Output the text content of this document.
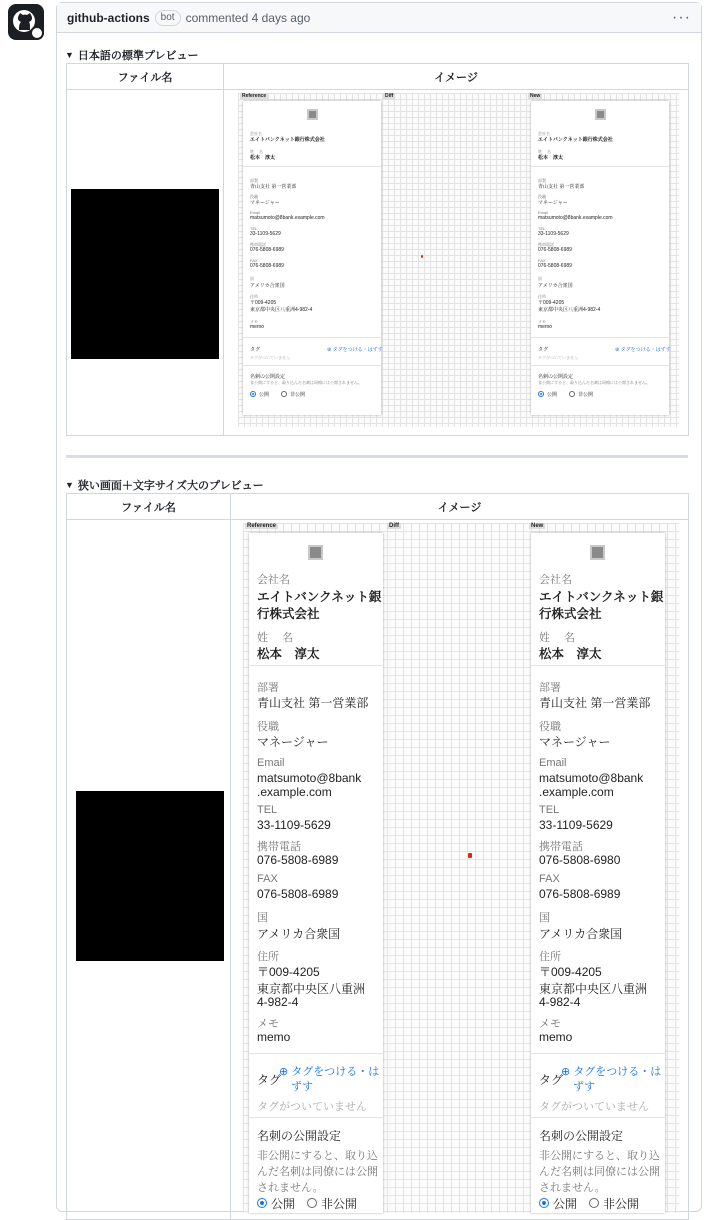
github-actions	bot commented 4 days ago	···
▼ 日本語の標準プレビュー
ファイル名	イメージ

Reference	Diff	New
会社名
エイトバンクネット銀行株式会社
姓　 名
松本　淳太
部署
青山支社 第一営業部
役職
マネージャー
Email
matsumoto@8bank.example.com
TEL
33-1109-5629
携帯電話
076-5808-6989
FAX
076-5808-6989
国
アメリカ合衆国
住所
〒009-4205
東京都中央区八重洲4-982-4
メモ
memo
タグ	⊕ タグをつける・はずす
タグがついていません
名刺の公開設定
非公開にすると、取り込んだ名刺は同僚には公開されません。
公開	非公開
会社名
エイトバンクネット銀行株式会社
姓　 名
松本　淳太
部署
青山支社 第一営業部
役職
マネージャー
Email
matsumoto@8bank.example.com
TEL
33-1109-5629
携帯電話
076-5808-6989
FAX
076-5808-6989
国
アメリカ合衆国
住所
〒009-4205
東京都中央区八重洲4-982-4
メモ
memo
タグ	⊕ タグをつける・はずす
タグがついていません
名刺の公開設定
非公開にすると、取り込んだ名刺は同僚には公開されません。
公開	非公開
▼ 狭い画面＋文字サイズ大のプレビュー
ファイル名	イメージ

Reference	Diff	New
会社名
エイトバンクネット銀
行株式会社
姓　 名
松本　淳太
部署
青山支社 第一営業部
役職
マネージャー
Email
matsumoto@8bank
.example.com
TEL
33-1109-5629
携帯電話
076-5808-6989
FAX
076-5808-6989
国
アメリカ合衆国
住所
〒009-4205
東京都中央区八重洲
4-982-4
メモ
memo
タグ
⊕ タグをつける・は
ずす
タグがついていません
名刺の公開設定
非公開にすると、取り込
んだ名刺は同僚には公開
されません。
公開 非公開
会社名
エイトバンクネット銀
行株式会社
姓　 名
松本　淳太
部署
青山支社 第一営業部
役職
マネージャー
Email
matsumoto@8bank
.example.com
TEL
33-1109-5629
携帯電話
076-5808-6980
FAX
076-5808-6989
国
アメリカ合衆国
住所
〒009-4205
東京都中央区八重洲
4-982-4
メモ
memo
タグ
⊕ タグをつける・は
ずす
タグがついていません
名刺の公開設定
非公開にすると、取り込
んだ名刺は同僚には公開
されません。
公開 非公開
